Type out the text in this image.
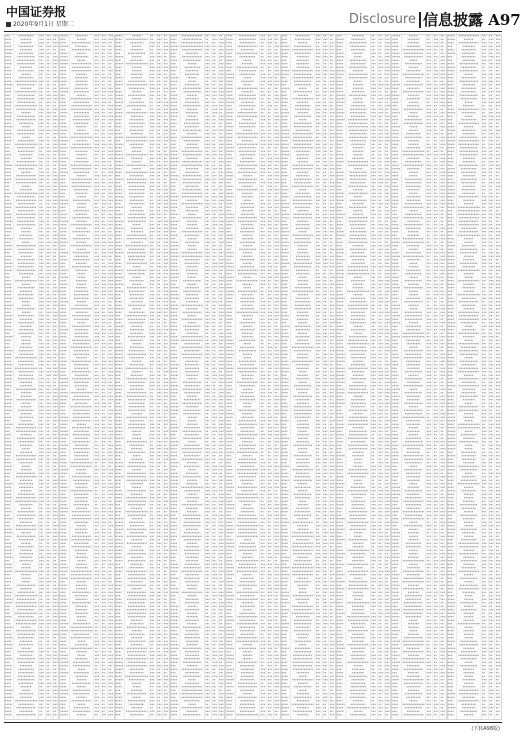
中国证券报
2020年9月1日 星期二	Disclosure 信息披露 A97
(下转A98版)
